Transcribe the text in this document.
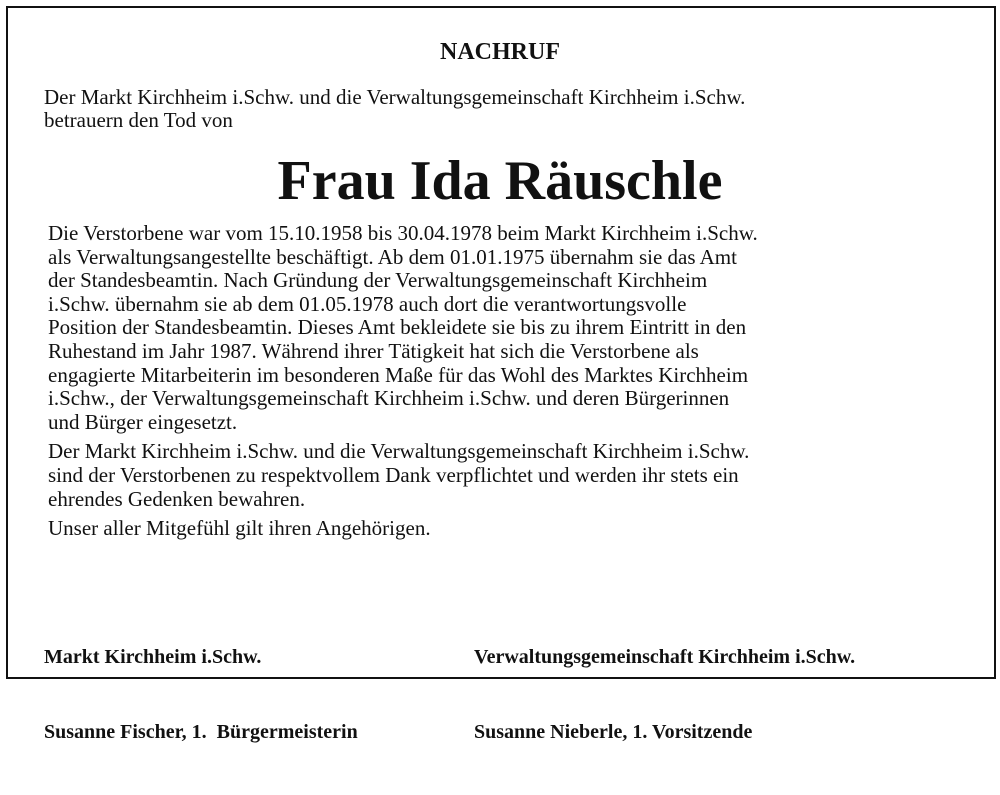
NACHRUF
Der Markt Kirchheim i.Schw. und die Verwaltungsgemeinschaft Kirchheim i.Schw.
betrauern den Tod von
Frau Ida Räuschle

Die Verstorbene war vom 15.10.1958 bis 30.04.1978 beim Markt Kirchheim i.Schw.
als Verwaltungsangestellte beschäftigt. Ab dem 01.01.1975 übernahm sie das Amt
der Standesbeamtin. Nach Gründung der Verwaltungsgemeinschaft Kirchheim
i.Schw. übernahm sie ab dem 01.05.1978 auch dort die verantwortungsvolle
Position der Standesbeamtin. Dieses Amt bekleidete sie bis zu ihrem Eintritt in den
Ruhestand im Jahr 1987. Während ihrer Tätigkeit hat sich die Verstorbene als
engagierte Mitarbeiterin im besonderen Maße für das Wohl des Marktes Kirchheim
i.Schw., der Verwaltungsgemeinschaft Kirchheim i.Schw. und deren Bürgerinnen
und Bürger eingesetzt.

Der Markt Kirchheim i.Schw. und die Verwaltungsgemeinschaft Kirchheim i.Schw.
sind der Verstorbenen zu respektvollem Dank verpflichtet und werden ihr stets ein
ehrendes Gedenken bewahren.

Unser aller Mitgefühl gilt ihren Angehörigen.

Markt Kirchheim i.Schw.

Susanne Fischer, 1.  Bürgermeisterin

Verwaltungsgemeinschaft Kirchheim i.Schw.

Susanne Nieberle, 1. Vorsitzende
